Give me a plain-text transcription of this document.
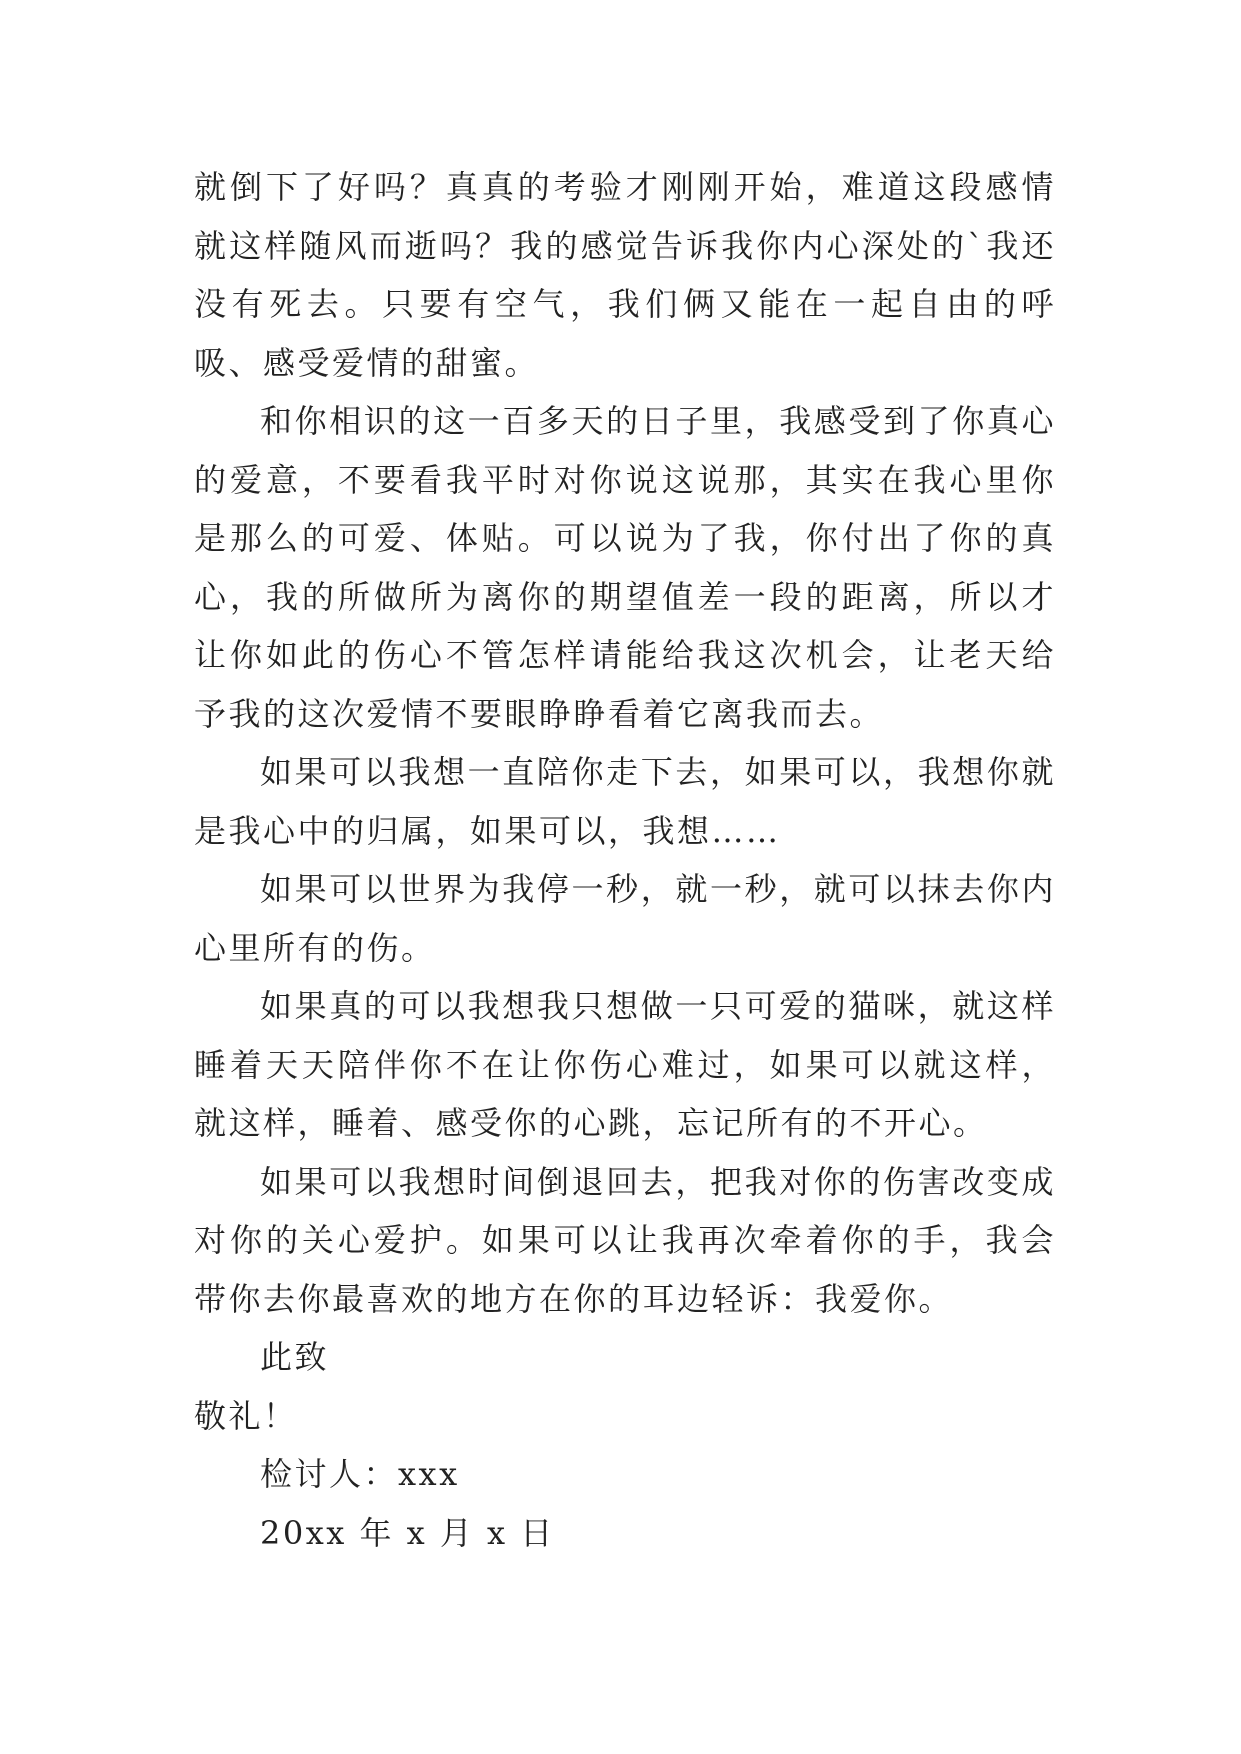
就倒下了好吗？真真的考验才刚刚开始，难道这段感情就这样随风而逝吗？我的感觉告诉我你内心深处的`我还没有死去。只要有空气，我们俩又能在一起自由的呼吸、感受爱情的甜蜜。

和你相识的这一百多天的日子里，我感受到了你真心的爱意，不要看我平时对你说这说那，其实在我心里你是那么的可爱、体贴。可以说为了我，你付出了你的真心，我的所做所为离你的期望值差一段的距离，所以才让你如此的伤心不管怎样请能给我这次机会，让老天给予我的这次爱情不要眼睁睁看着它离我而去。

如果可以我想一直陪你走下去，如果可以，我想你就是我心中的归属，如果可以，我想……

如果可以世界为我停一秒，就一秒，就可以抹去你内心里所有的伤。

如果真的可以我想我只想做一只可爱的猫咪，就这样睡着天天陪伴你不在让你伤心难过，如果可以就这样，就这样，睡着、感受你的心跳，忘记所有的不开心。

如果可以我想时间倒退回去，把我对你的伤害改变成对你的关心爱护。如果可以让我再次牵着你的手，我会带你去你最喜欢的地方在你的耳边轻诉：我爱你。

此致

敬礼！

检讨人：xxx

20xx 年 x 月 x 日
